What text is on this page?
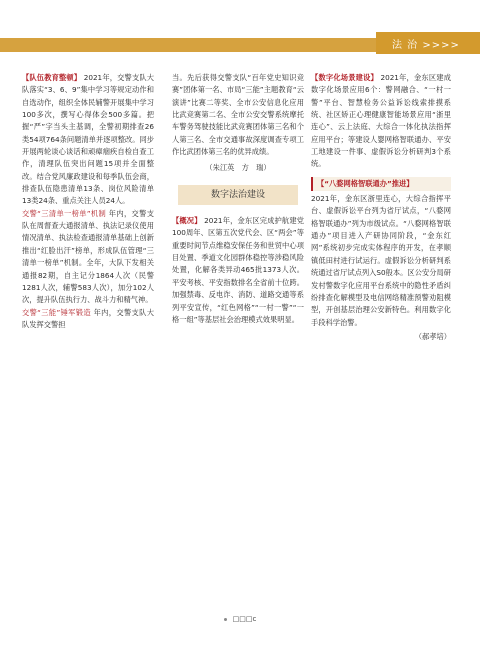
法 治 >>>>

【队伍教育整顿】 2021年，交警支队大队落实“3、6、9”集中学习等规定动作和自选动作，组织全体民辅警开展集中学习100多次，撰写心得体会500多篇。把握“严”字当头主基调，全警初期排查26类54项764条问题清单并逐项整改。同步开展两轮谈心谈话和顽瘴痼疾自检自查工作，清理队伍突出问题15项并全面整改。结合党风廉政建设和每季队伍会商，排查队伍隐患清单13条、岗位风险清单13类24条、重点关注人员24人。

交警“三清单一榜单”机制 年内，交警支队在周督查大通报清单、执法记录仪使用情况清单、执法检查通报清单基础上创新推出“红脸出汗”榜单，形成队伍管理“三清单一榜单”机制。全年，大队下发相关通报82期，自主记分1864人次（民警1281人次，辅警583人次），加分102人次，提升队伍执行力、战斗力和精气神。

交警“三能”锤军锻造 年内，交警支队大队发挥交警担

当。先后获得交警支队“百年党史知识竞赛”团体第一名、市局“三能”主题教育“云演讲”比赛二等奖、全市公安信息化应用比武竞赛第二名、全市公安交警系统摩托车警务驾驶技能比武竞赛团体第三名和个人第三名、全市交通事故深度调查专项工作比武团体第三名的优异成绩。

（朱江英　方　瑞）
数字法治建设

【概况】 2021年，金东区完成护航建党100周年、区第五次党代会、区“两会”等重要时间节点维稳安保任务和世贸中心项目处置、季道文化园群体稳控等涉稳风险处置，化解各类异动465批1373人次。平安考核、平安指数排名全省前十位跨。加强禁毒、反电诈、消防、道路交通等系列平安宣传，“红色网格”“一村一警”“一格一组”等基层社会治理模式效果明显。

【数字化场景建设】 2021年，金东区建成数字化场景应用6个：警网融合、“一村一警”平台、智慧检务公益诉讼线索排摸系统、社区矫正心理健康智能场景应用“浙里连心”、云上法庭、大综合一体化执法指挥应用平台；等建设人婴网格智联通办、平安工地建设一件事、虚假诉讼分析研判3个系统。

【“八婺网格智联通办”推进】

2021年，金东区浙里连心，大综合指挥平台、虚假诉讼平台列为省厅试点，“八婺网格智联通办”列为市级试点。“八婺网格智联通办”项目进入产研协同阶段，“金东红网”系统初步完成实体程序的开发，在孝顺镇低田村进行试运行。虚假诉讼分析研判系统通过省厅试点列入S0般本。区公安分局研发村警数字化应用平台系统中的隐性矛盾纠纷排查化解模型及电信网络精准预警劝阻模型，开创基层治理公安新特色。利用数字化手段科学治警。

（郝孝培）
□□□c
